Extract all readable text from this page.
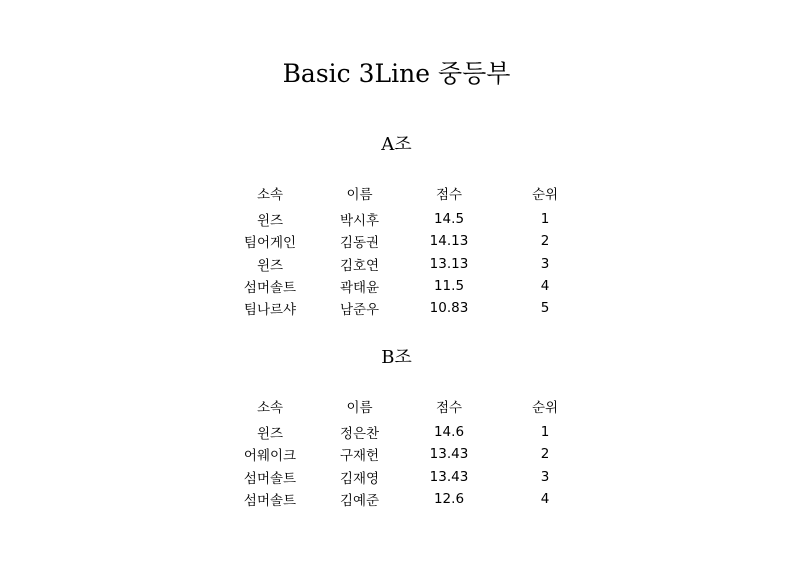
Basic 3Line 중등부
A조
소속	이름	점수	순위
윈즈	박시후	14.5	1
팀어게인	김동권	14.13	2
윈즈	김호연	13.13	3
섬머솔트	곽태윤	11.5	4
팀나르샤	남준우	10.83	5
B조
소속	이름	점수	순위
윈즈	정은찬	14.6	1
어웨이크	구재헌	13.43	2
섬머솔트	김재영	13.43	3
섬머솔트	김예준	12.6	4
